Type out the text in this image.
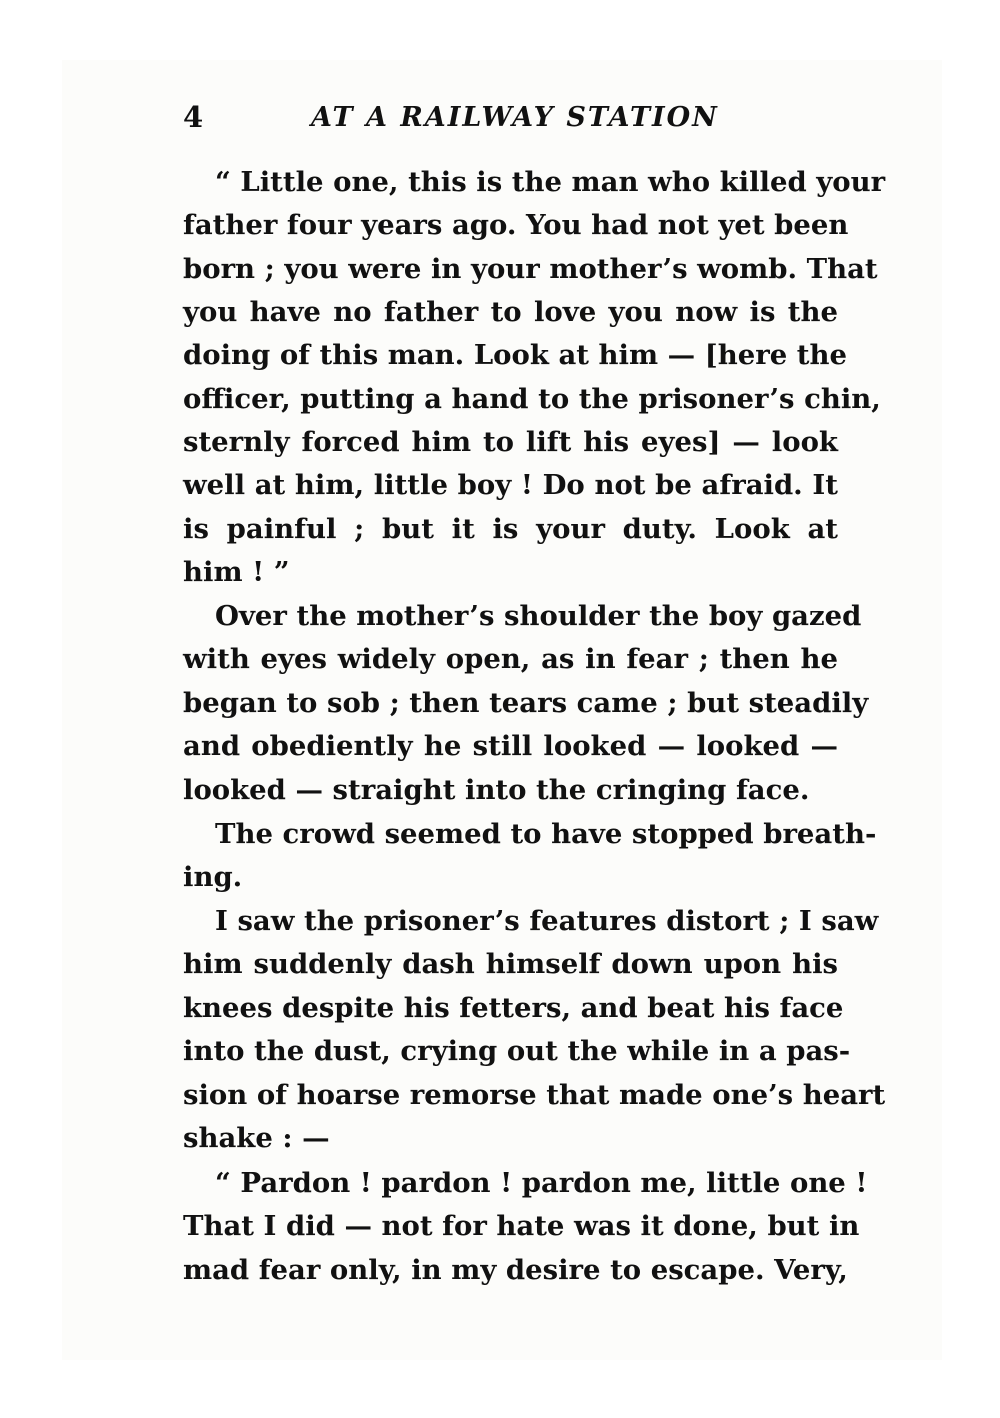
4	AT A RAILWAY STATION
“ Little one, this is the man who killed your
father four years ago. You had not yet been
born ; you were in your mother’s womb. That
you have no father to love you now is the
doing of this man. Look at him — [here the
officer, putting a hand to the prisoner’s chin,
sternly forced him to lift his eyes] — look
well at him, little boy ! Do not be afraid. It
is painful ; but it is your duty. Look at
him ! ”
Over the mother’s shoulder the boy gazed
with eyes widely open, as in fear ; then he
began to sob ; then tears came ; but steadily
and obediently he still looked — looked —
looked — straight into the cringing face.
The crowd seemed to have stopped breath-
ing.
I saw the prisoner’s features distort ; I saw
him suddenly dash himself down upon his
knees despite his fetters, and beat his face
into the dust, crying out the while in a pas-
sion of hoarse remorse that made one’s heart
shake : —
“ Pardon ! pardon ! pardon me, little one !
That I did — not for hate was it done, but in
mad fear only, in my desire to escape. Very,
